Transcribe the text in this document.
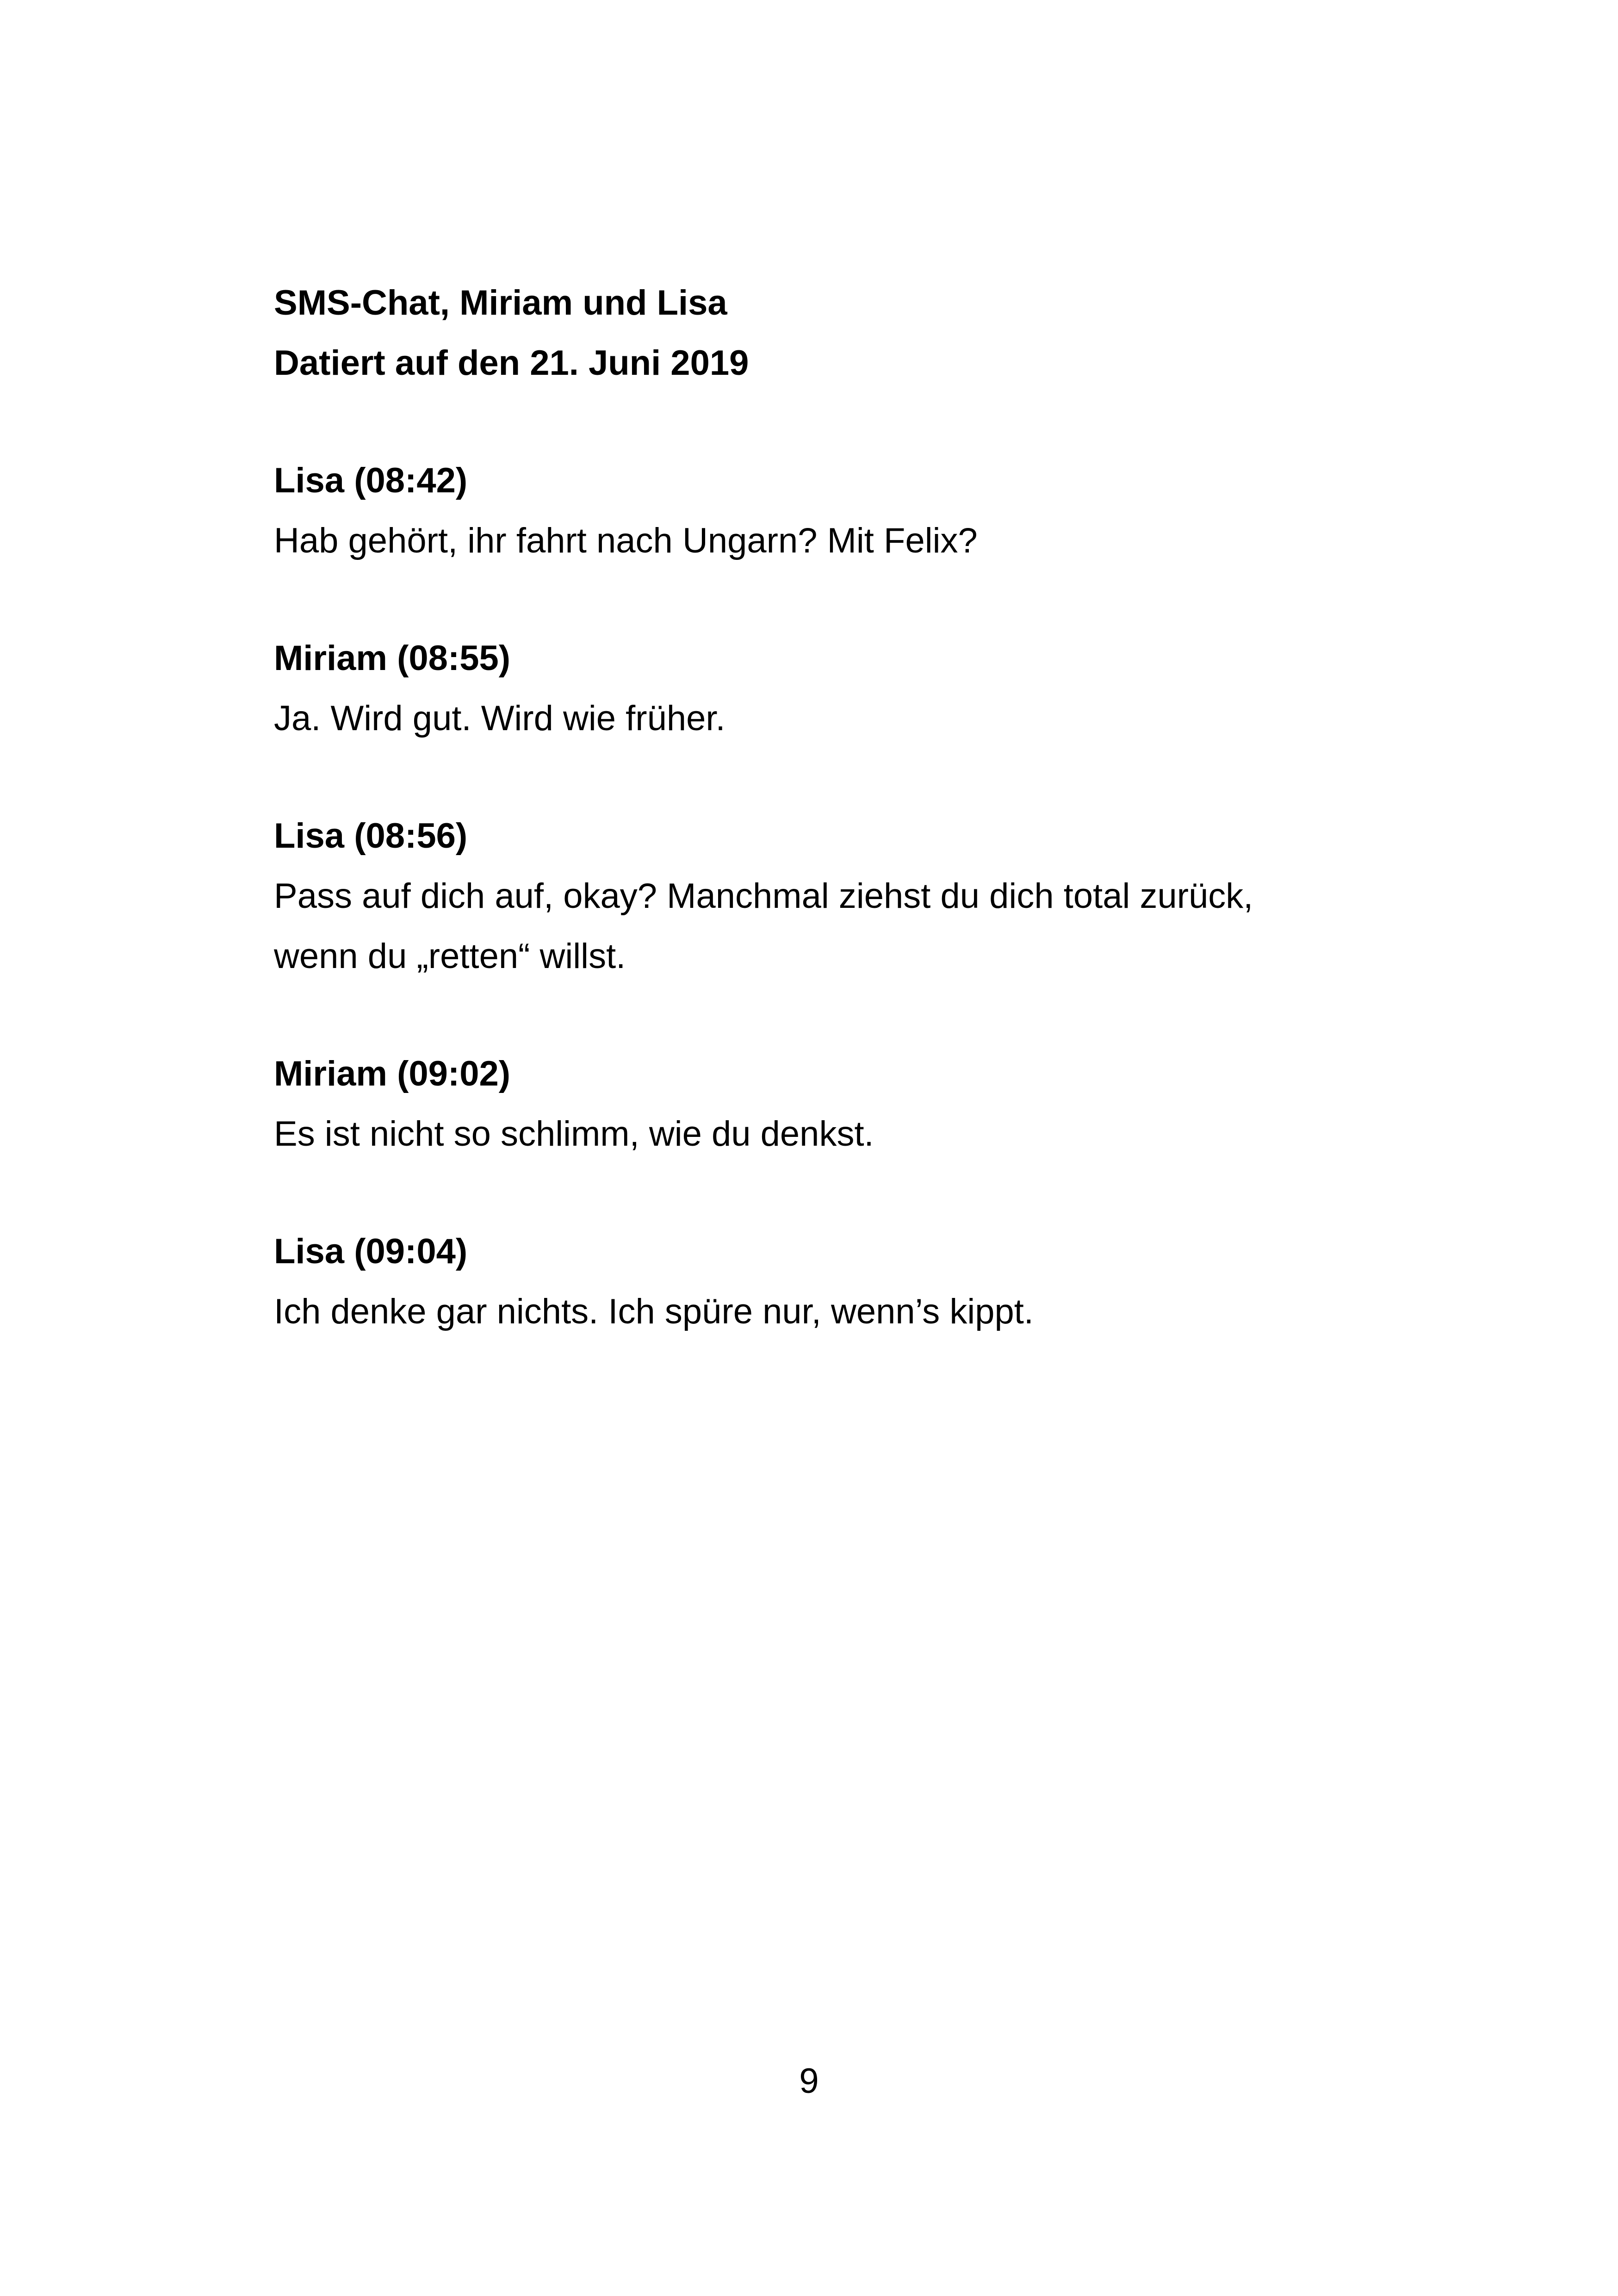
SMS-Chat, Miriam und Lisa

Datiert auf den 21. Juni 2019

Lisa (08:42)

Hab gehört, ihr fahrt nach Ungarn? Mit Felix?

Miriam (08:55)

Ja. Wird gut. Wird wie früher.

Lisa (08:56)

Pass auf dich auf, okay? Manchmal ziehst du dich total zurück,

wenn du „retten“ willst.

Miriam (09:02)

Es ist nicht so schlimm, wie du denkst.

Lisa (09:04)

Ich denke gar nichts. Ich spüre nur, wenn’s kippt.

9
